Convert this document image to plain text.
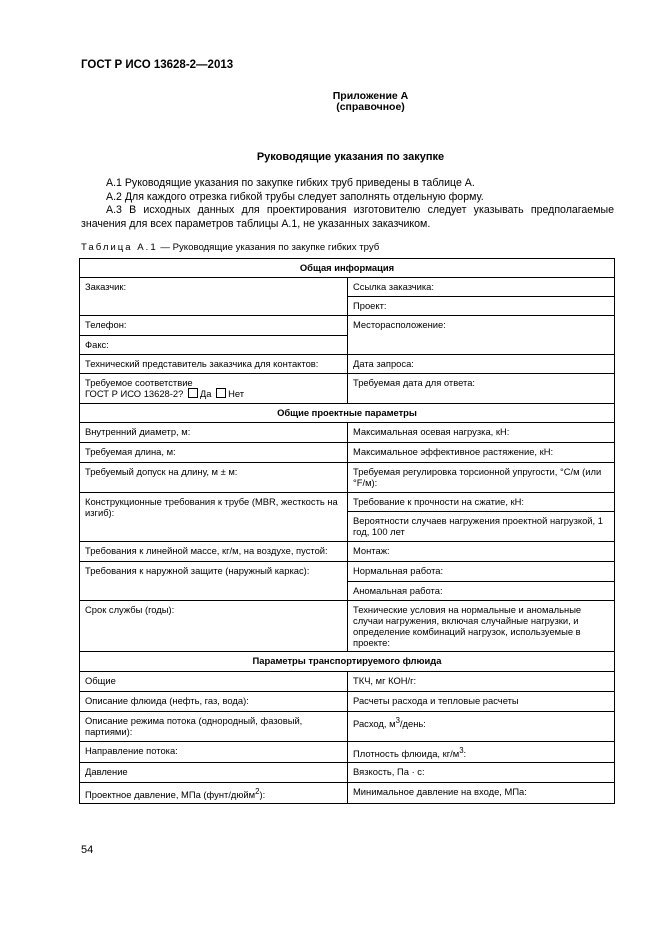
ГОСТ Р ИСО 13628-2—2013
Приложение А
(справочное)
Руководящие указания по закупке
А.1 Руководящие указания по закупке гибких труб приведены в таблице А.
А.2 Для каждого отрезка гибкой трубы следует заполнять отдельную форму.
А.3 В исходных данных для проектирования изготовителю следует указывать предполагаемые значения для всех параметров таблицы А.1, не указанных заказчиком.
Таблица А.1 — Руководящие указания по закупке гибких труб
Общая информация	
Заказчик:	Ссылка заказчика:
	Проект:
Телефон:	Месторасположение:
Факс:	
Технический представитель заказчика для контактов:	Дата запроса:
Требуемое соответствие
ГОСТ Р ИСО 13628-2? Да Нет	Требуемая дата для ответа:
Общие проектные параметры	
Внутренний диаметр, м:	Максимальная осевая нагрузка, кН:
Требуемая длина, м:	Максимальное эффективное растяжение, кН:
Требуемый допуск на длину, м ± м:	Требуемая регулировка торсионной упругости, °С/м (или °F/м):
Конструкционные требования к трубе (MBR, жесткость на изгиб):	Требование к прочности на сжатие, кН:
	Вероятности случаев нагружения проектной нагрузкой, 1 год, 100 лет
Требования к линейной массе, кг/м, на воздухе, пустой:	Монтаж:
Требования к наружной защите (наружный каркас):	Нормальная работа:
	Аномальная работа:
Срок службы (годы):	Технические условия на нормальные и аномальные случаи нагружения, включая случайные нагрузки, и определение комбинаций нагрузок, используемые в проекте:
Параметры транспортируемого флюида	
Общие	ТКЧ, мг КОН/г:
Описание флюида (нефть, газ, вода):	Расчеты расхода и тепловые расчеты
Описание режима потока (однородный, фазовый, партиями):	Расход, $м^3$/день:
Направление потока:	Плотность флюида, $кг/м^3$:
Давление	Вязкость, Па · с:
Проектное давление, МПа (фунт/дюйм$^2$):	Минимальное давление на входе, МПа:
54
